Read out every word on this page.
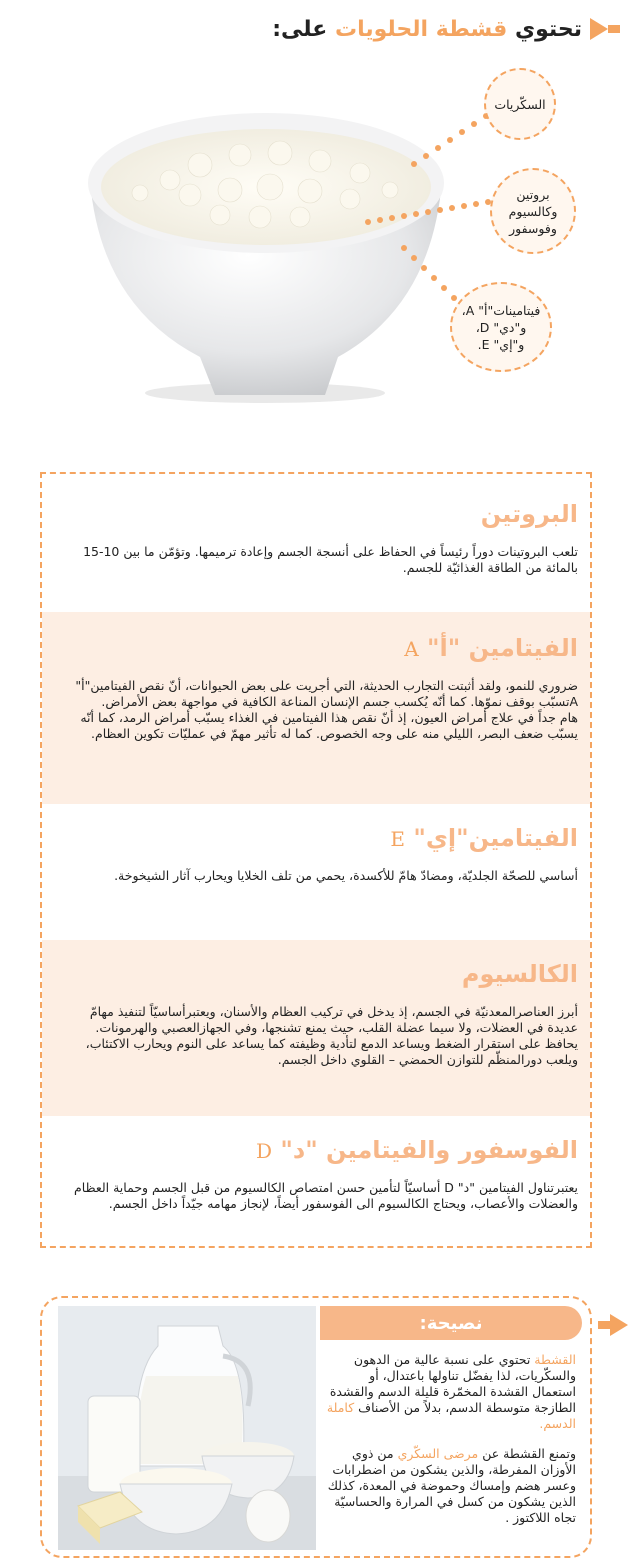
تحتوي قشطة الحلويات على:
السكّريات
بروتين وكالسيوم وفوسفور
فيتامينات"أ" A، و"دي" D، و"إي" E.
البروتين

تلعب البروتينات دوراً رئيساً في الحفاظ على أنسجة الجسم وإعادة ترميمها. وتؤمّن ما بين 10-15 بالمائة من الطاقة الغذائيّة للجسم.

الفيتامين "أ" A

ضروري للنمو، ولقد أثبتت التجارب الحديثة، التي أجريت على بعض الحيوانات، أنّ نقص الفيتامين"أ" Aتسبّب بوقف نموّها. كما أنّه يُكسب جسم الإنسان المناعة الكافية في مواجهة بعض الأمراض.

هام جداً في علاج أمراض العيون، إذ أنّ نقص هذا الفيتامين في الغذاء يسبّب أمراض الرمد، كما أنّه يسبّب ضعف البصر، الليلي منه على وجه الخصوص. كما له تأثير مهمّ في عمليّات تكوين العظام.

الفيتامين"إي" E

أساسي للصحّة الجلديّة، ومضادّ هامّ للأكسدة، يحمي من تلف الخلايا ويحارب آثار الشيخوخة.

الكالسيوم

أبرز العناصرالمعدنيّة في الجسم، إذ يدخل في تركيب العظام والأسنان، ويعتبرأساسيّاً لتنفيذ مهامّ عديدة في العضلات، ولا سيما عضلة القلب، حيث يمنع تشنجها، وفي الجهازالعصبي والهرمونات.

يحافظ على استقرار الضغط ويساعد الدمع لتأدية وظيفته كما يساعد على النوم ويحارب الاكتئاب، ويلعب دورالمنظّم للتوازن الحمضي – القلوي داخل الجسم.

الفوسفور والفيتامين "د" D

يعتبرتناول الفيتامين "د" D أساسيّاً لتأمين حسن امتصاص الكالسيوم من قبل الجسم وحماية العظام والعضلات والأعصاب، ويحتاج الكالسيوم الى الفوسفور أيضاً، لإنجاز مهامه جيّداً داخل الجسم.

نصيحة:

القشطة تحتوي على نسبة عالية من الدهون والسكّريات، لذا يفضّل تناولها باعتدال، أو استعمال القشدة المخمّرة قليلة الدسم والقشدة الطازجة متوسطة الدسم، بدلاً من الأصناف كاملة الدسم.

وتمنع القشطة عن مرضى السكّري من ذوي الأوزان المفرطة، والذين يشكون من اضطرابات وعسر هضم وإمساك وحموضة في المعدة، كذلك الذين يشكون من كسل في المرارة والحساسيّة تجاه اللاكتوز .
